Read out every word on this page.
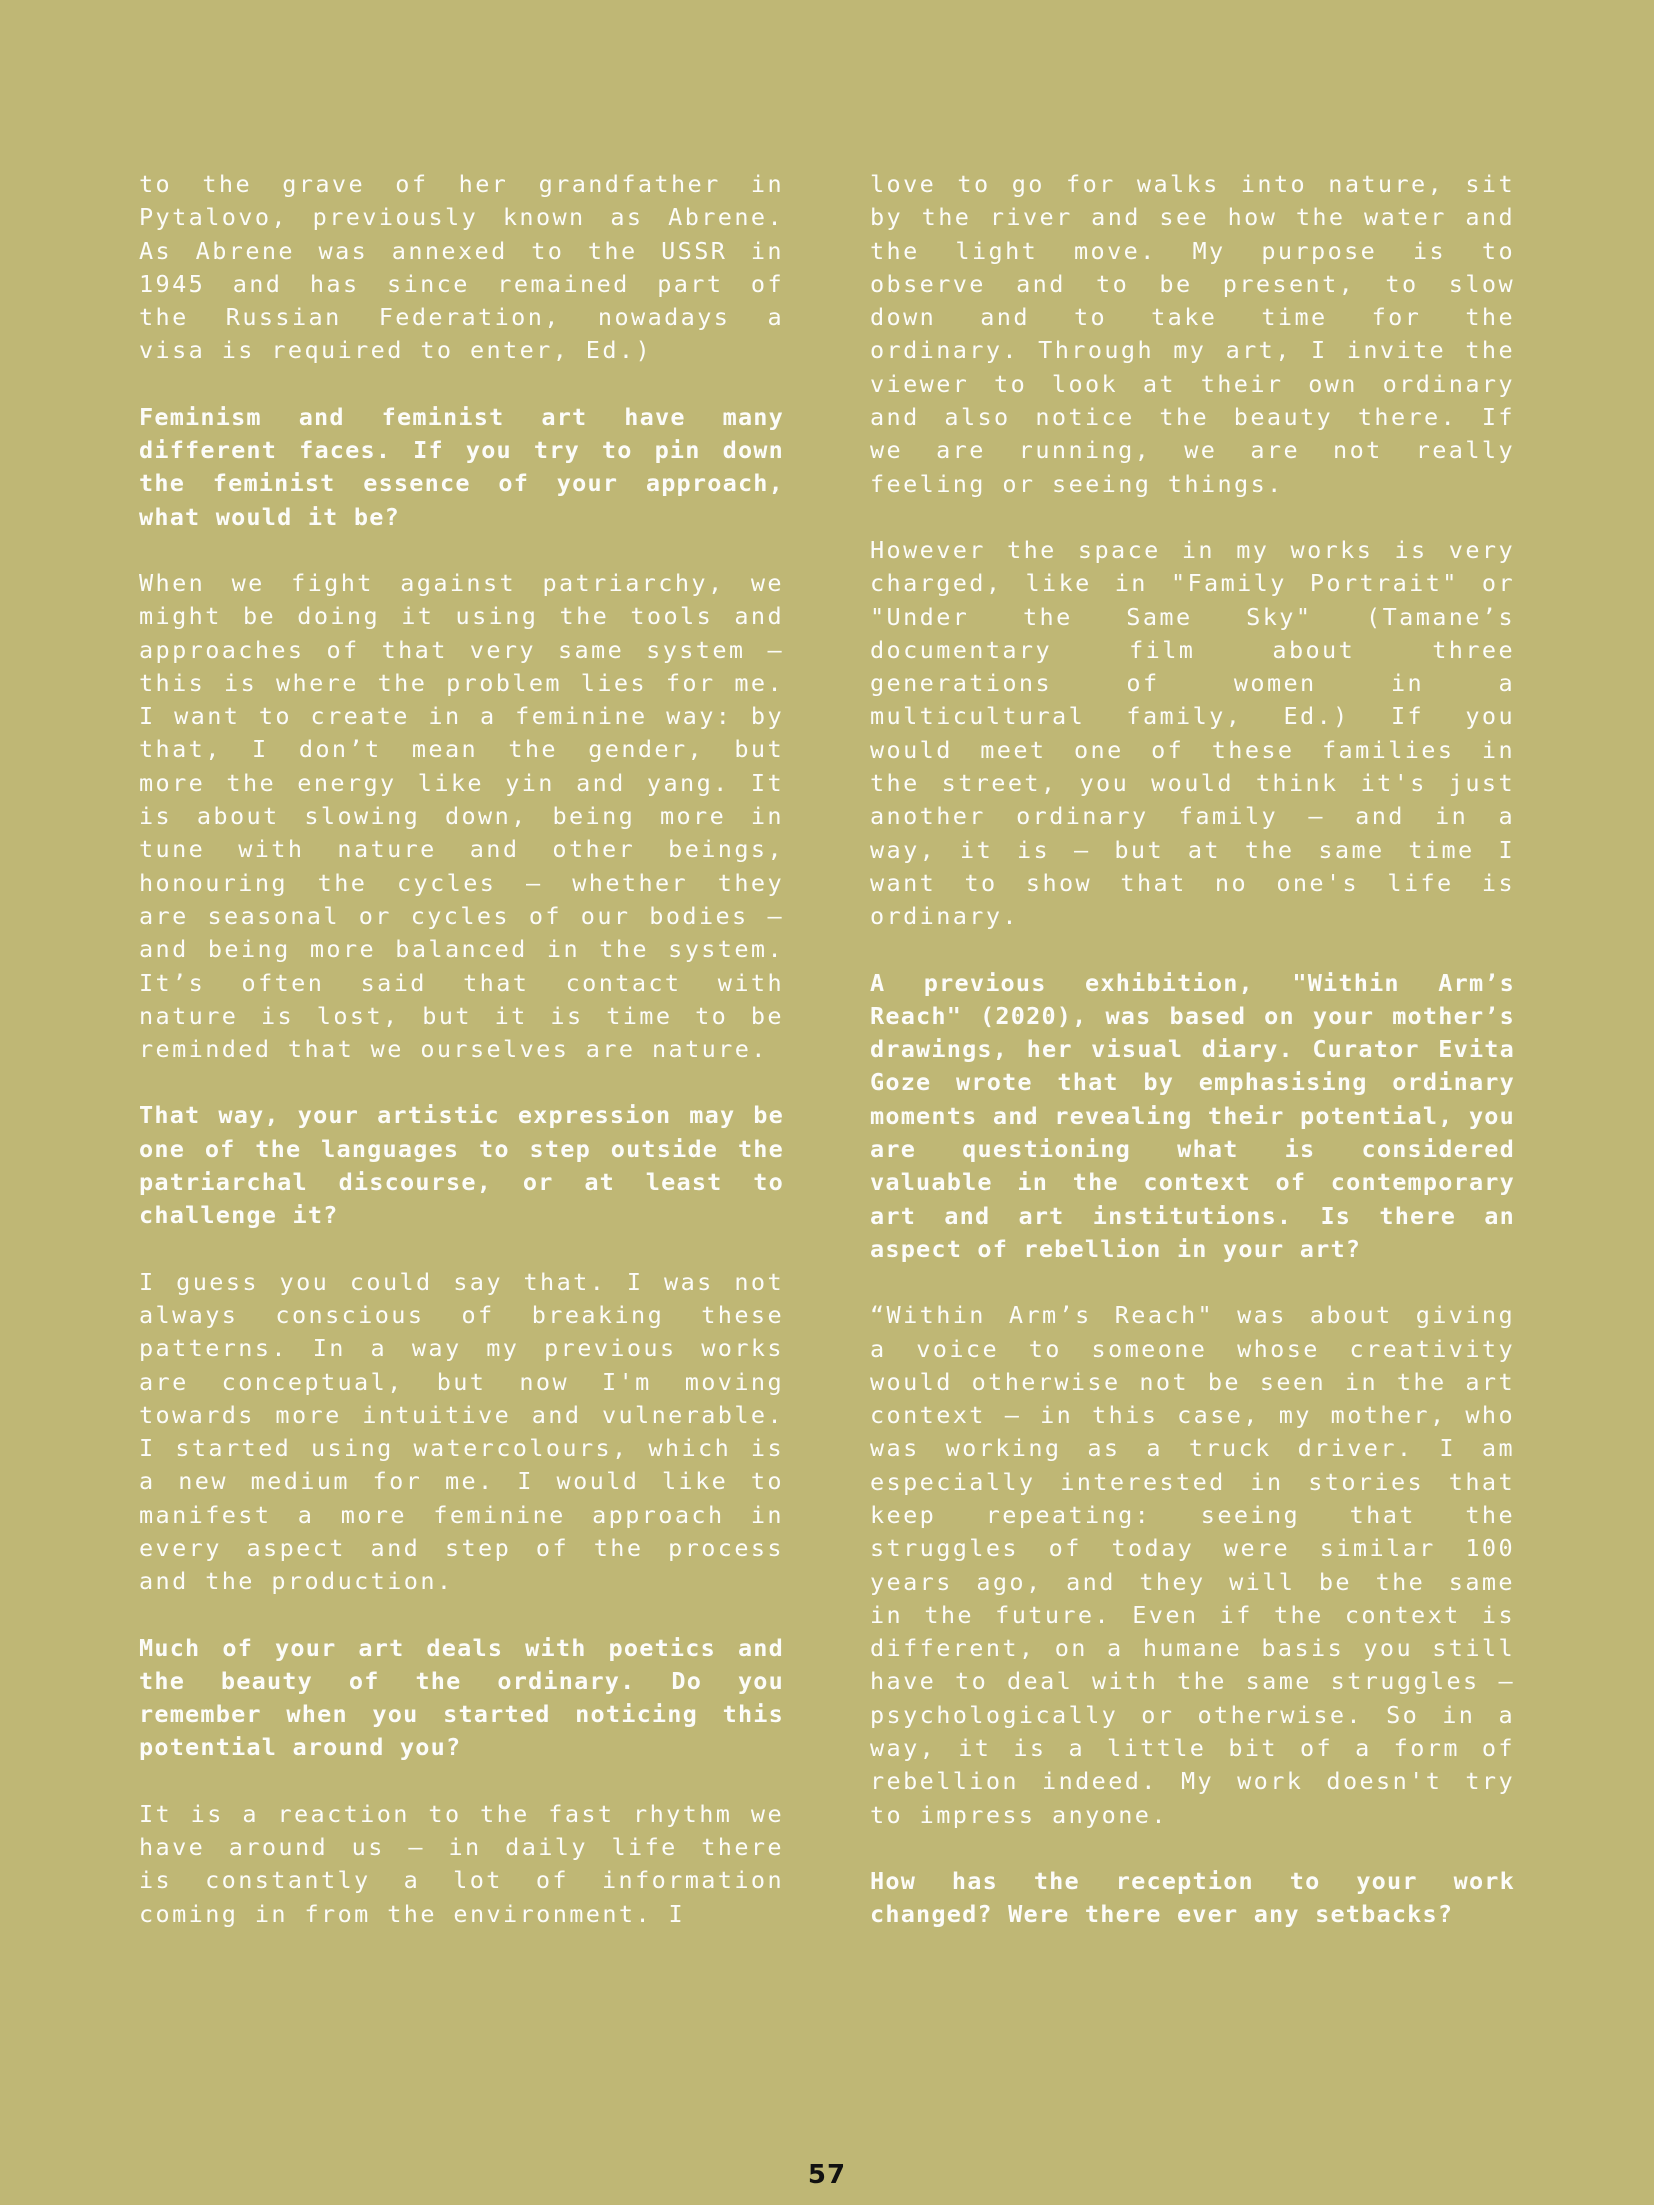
to the grave of her grandfather in Pytalovo, previously known as Abrene. As Abrene was annexed to the USSR in 1945 and has since remained part of the Russian Federation, nowadays a visa is required to enter, Ed.)

Feminism and feminist art have many different faces. If you try to pin down the feminist essence of your approach, what would it be?

When we fight against patriarchy, we might be doing it using the tools and approaches of that very same system – this is where the problem lies for me. I want to create in a feminine way: by that, I don’t mean the gender, but more the energy like yin and yang. It is about slowing down, being more in tune with nature and other beings, honouring the cycles – whether they are seasonal or cycles of our bodies – and being more balanced in the system. It’s often said that contact with nature is lost, but it is time to be reminded that we ourselves are nature.

That way, your artistic expression may be one of the languages to step outside the patriarchal discourse, or at least to challenge it?

I guess you could say that. I was not always conscious of breaking these patterns. In a way my previous works are conceptual, but now I'm moving towards more intuitive and vulnerable. I started using watercolours, which is a new medium for me. I would like to manifest a more feminine approach in every aspect and step of the process and the production.

Much of your art deals with poetics and the beauty of the ordinary. Do you remember when you started noticing this potential around you?

It is a reaction to the fast rhythm we have around us – in daily life there is constantly a lot of information coming in from the environment. I

love to go for walks into nature, sit by the river and see how the water and the light move. My purpose is to observe and to be present, to slow down and to take time for the ordinary. Through my art, I invite the viewer to look at their own ordinary and also notice the beauty there. If we are running, we are not really feeling or seeing things.

However the space in my works is very charged, like in "Family Portrait" or "Under the Same Sky" (Tamane’s documentary film about three generations of women in a multicultural family, Ed.) If you would meet one of these families in the street, you would think it's just another ordinary family – and in a way, it is – but at the same time I want to show that no one's life is ordinary.

A previous exhibition, "Within Arm’s Reach" (2020), was based on your mother’s drawings, her visual diary. Curator Evita Goze wrote that by emphasising ordinary moments and revealing their potential, you are questioning what is considered valuable in the context of contemporary art and art institutions. Is there an aspect of rebellion in your art?

“Within Arm’s Reach" was about giving a voice to someone whose creativity would otherwise not be seen in the art context – in this case, my mother, who was working as a truck driver. I am especially interested in stories that keep repeating: seeing that the struggles of today were similar 100 years ago, and they will be the same in the future. Even if the context is different, on a humane basis you still have to deal with the same struggles – psychologically or otherwise. So in a way, it is a little bit of a form of rebellion indeed. My work doesn't try to impress anyone.

How has the reception to your work changed? Were there ever any setbacks?

57
